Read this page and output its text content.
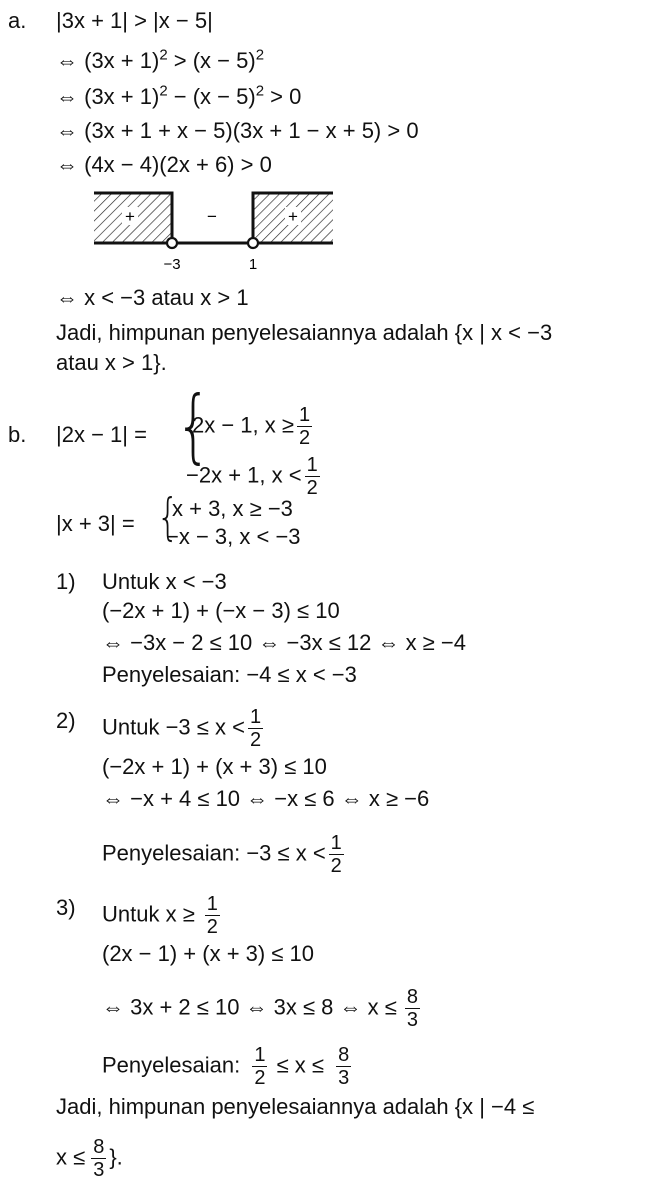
a. |3x + 1| > |x − 5|
⇔ $(3x + 1)^2 > (x - 5)^2$
⇔ $(3x + 1)^2 - (x - 5)^2 > 0$
⇔ (3x + 1 + x − 5)(3x + 1 − x + 5) > 0
⇔ (4x − 4)(2x + 6) > 0
+	−	+
−3	1
⇔ x < −3 atau x > 1
Jadi, himpunan penyelesaiannya adalah {x | x < −3
atau x > 1}.
b. |2x − 1| = {
2x − 1, $x \ge \frac{1}{2}$
−2x + 1, $x < \frac{1}{2}$
|x + 3| = {
x + 3, x ≥ −3
−x − 3, x < −3
1) Untuk x < −3
(−2x + 1) + (−x − 3) ≤ 10
⇔ −3x − 2 ≤ 10 ⇔ −3x ≤ 12 ⇔ x ≥ −4
Penyelesaian: −4 ≤ x < −3
2) Untuk $-3 \le x < \frac{1}{2}$
(−2x + 1) + (x + 3) ≤ 10
⇔ −x + 4 ≤ 10 ⇔ −x ≤ 6 ⇔ x ≥ −6
Penyelesaian: $-3 \le x < \frac{1}{2}$
3) Untuk $x \ge \frac{1}{2}$
(2x − 1) + (x + 3) ≤ 10
⇔ 3x + 2 ≤ 10 ⇔ 3x ≤ 8 ⇔ $x \le \frac{8}{3}$
Penyelesaian: $\frac{1}{2} \le x \le \frac{8}{3}$
Jadi, himpunan penyelesaiannya adalah {x | −4 ≤
$x \le \frac{8}{3}$ }.
